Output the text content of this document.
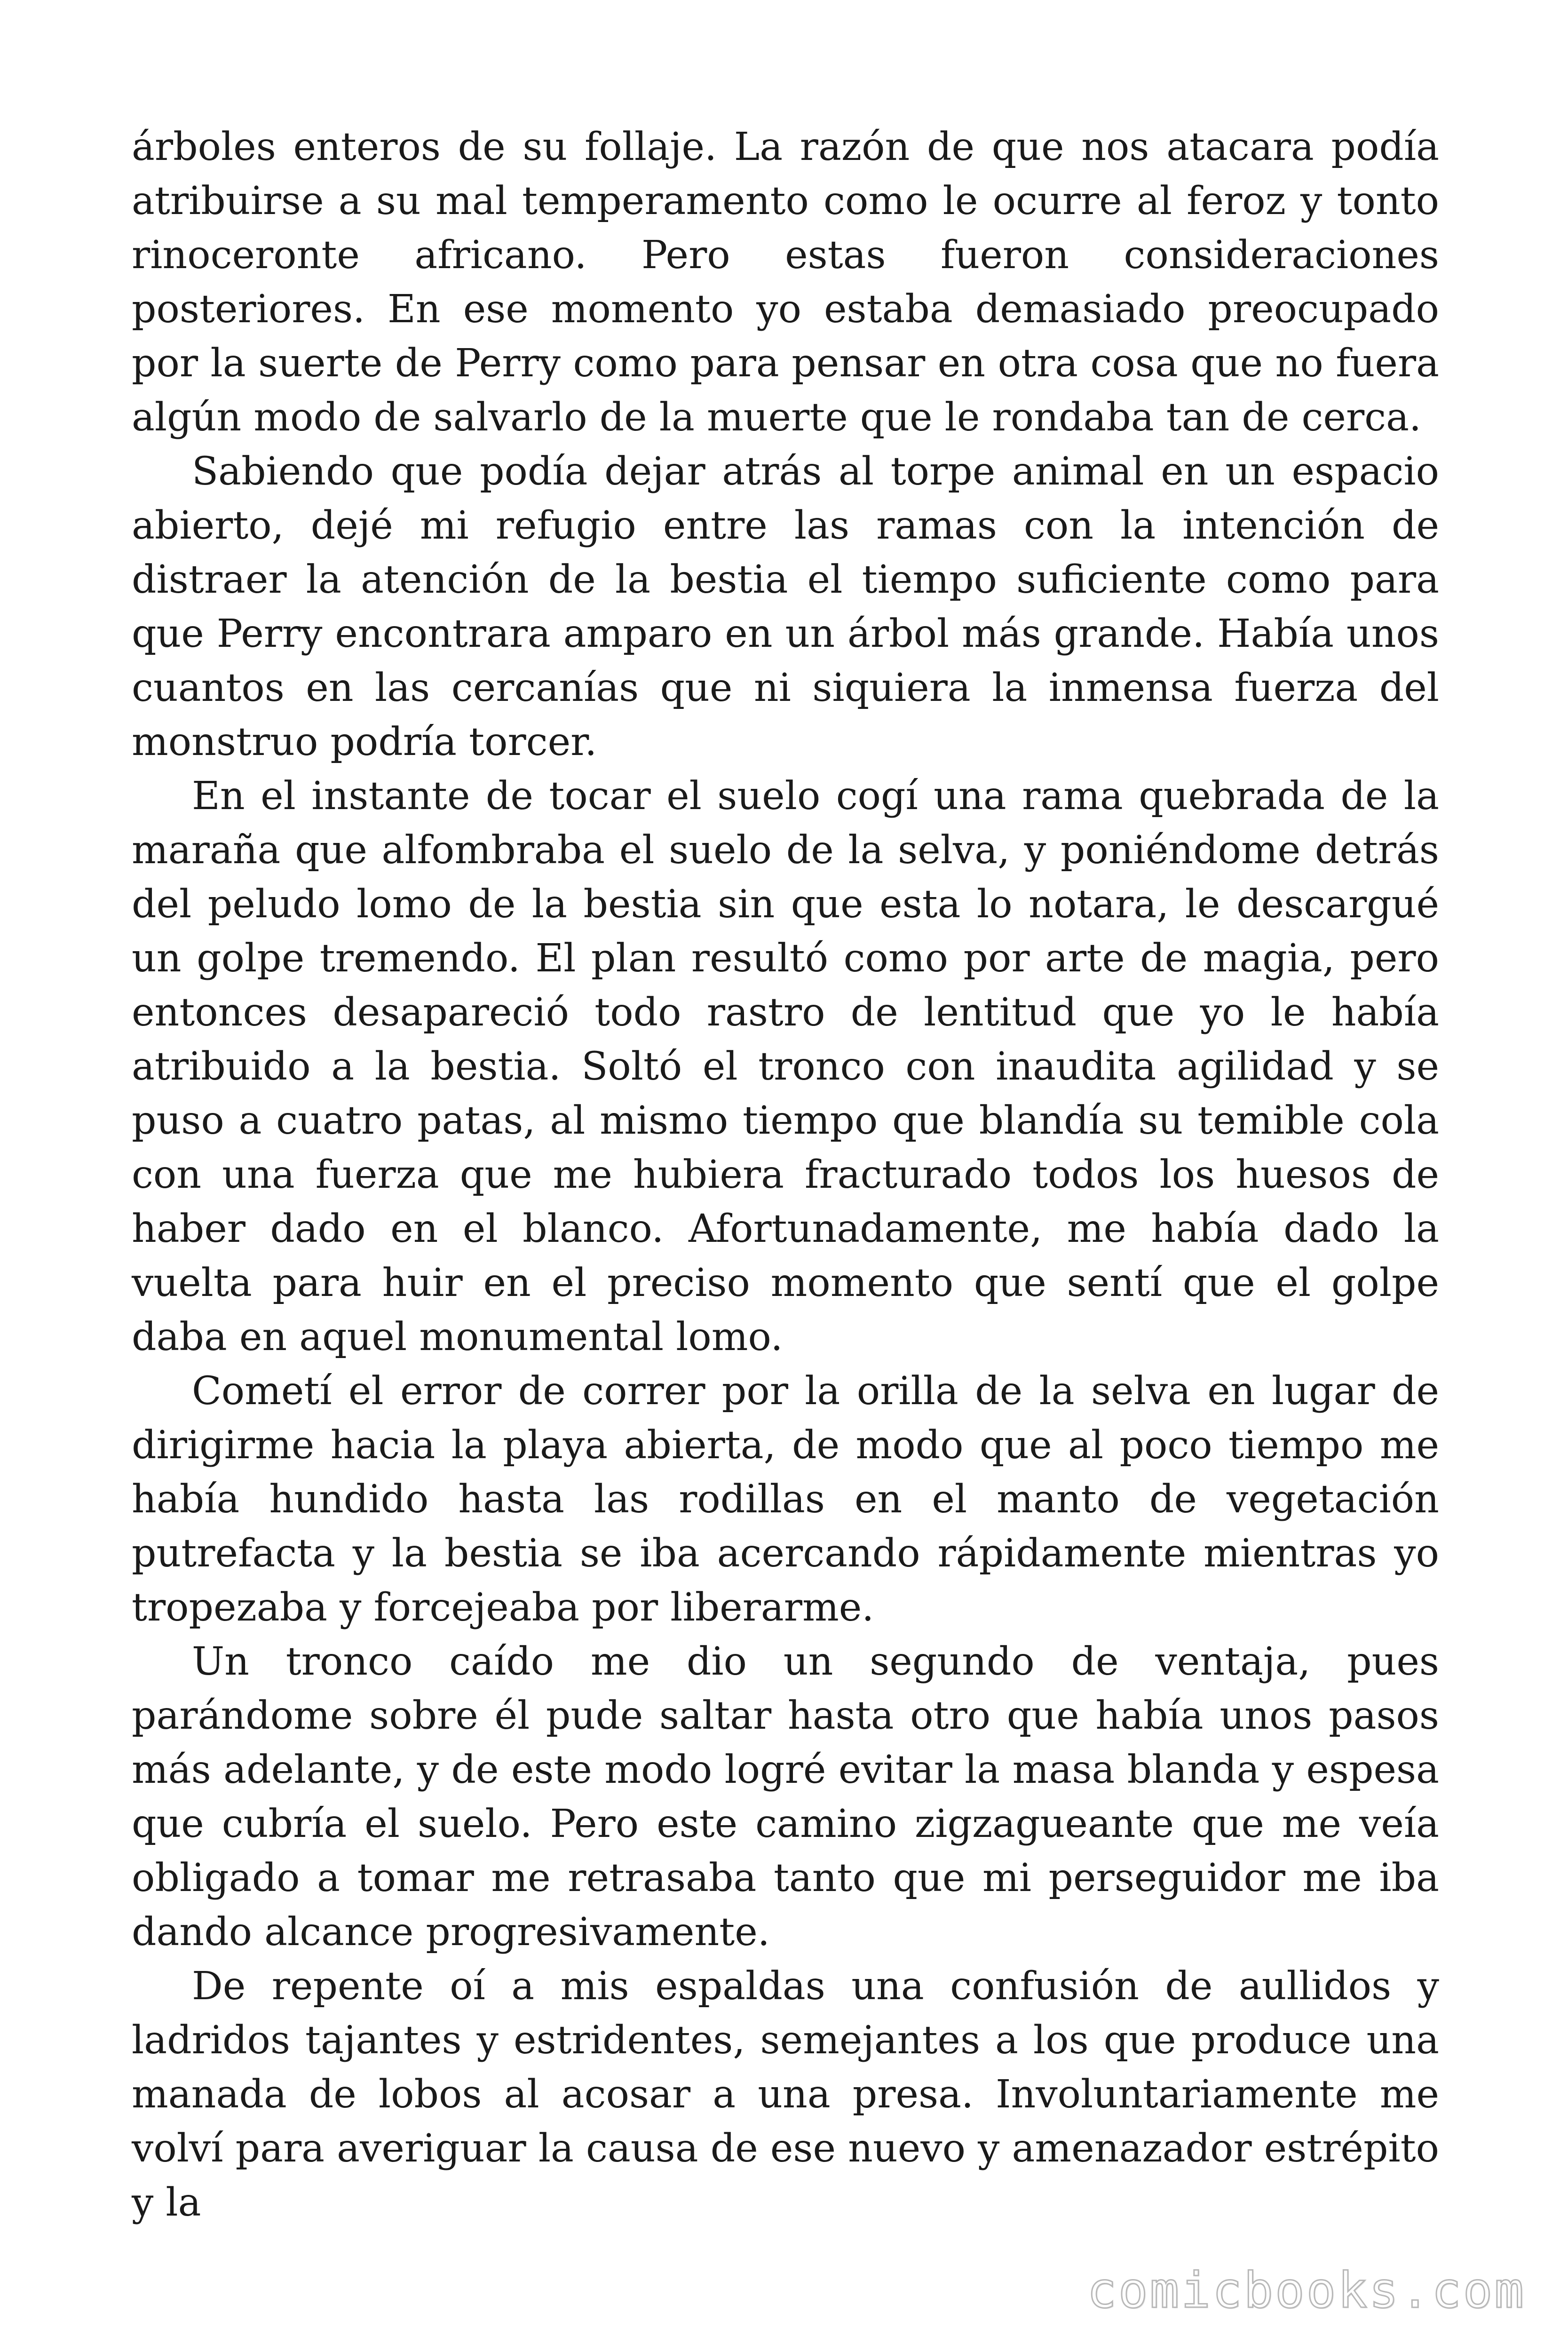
árboles enteros de su follaje. La razón de que nos atacara podía atribuirse a su mal temperamento como le ocurre al feroz y tonto rinoceronte africano. Pero estas fueron consideraciones posteriores. En ese momento yo estaba demasiado preocupado por la suerte de Perry como para pensar en otra cosa que no fuera algún modo de salvarlo de la muerte que le rondaba tan de cerca.

Sabiendo que podía dejar atrás al torpe animal en un espacio abierto, dejé mi refugio entre las ramas con la intención de distraer la atención de la bestia el tiempo suficiente como para que Perry encontrara amparo en un árbol más grande. Había unos cuantos en las cercanías que ni siquiera la inmensa fuerza del monstruo podría torcer.

En el instante de tocar el suelo cogí una rama quebrada de la maraña que alfombraba el suelo de la selva, y poniéndome detrás del peludo lomo de la bestia sin que esta lo notara, le descargué un golpe tremendo. El plan resultó como por arte de magia, pero entonces desapareció todo rastro de lentitud que yo le había atribuido a la bestia. Soltó el tronco con inaudita agilidad y se puso a cuatro patas, al mismo tiempo que blandía su temible cola con una fuerza que me hubiera fracturado todos los huesos de haber dado en el blanco. Afortunadamente, me había dado la vuelta para huir en el preciso momento que sentí que el golpe daba en aquel monumental lomo.

Cometí el error de correr por la orilla de la selva en lugar de dirigirme hacia la playa abierta, de modo que al poco tiempo me había hundido hasta las rodillas en el manto de vegetación putrefacta y la bestia se iba acercando rápidamente mientras yo tropezaba y forcejeaba por liberarme.

Un tronco caído me dio un segundo de ventaja, pues parándome sobre él pude saltar hasta otro que había unos pasos más adelante, y de este modo logré evitar la masa blanda y espesa que cubría el suelo. Pero este camino zigzagueante que me veía obligado a tomar me retrasaba tanto que mi perseguidor me iba dando alcance progresivamente.

De repente oí a mis espaldas una confusión de aullidos y ladridos tajantes y estridentes, semejantes a los que produce una manada de lobos al acosar a una presa. Involuntariamente me volví para averiguar la causa de ese nuevo y amenazador estrépito y la

comicbooks.com
